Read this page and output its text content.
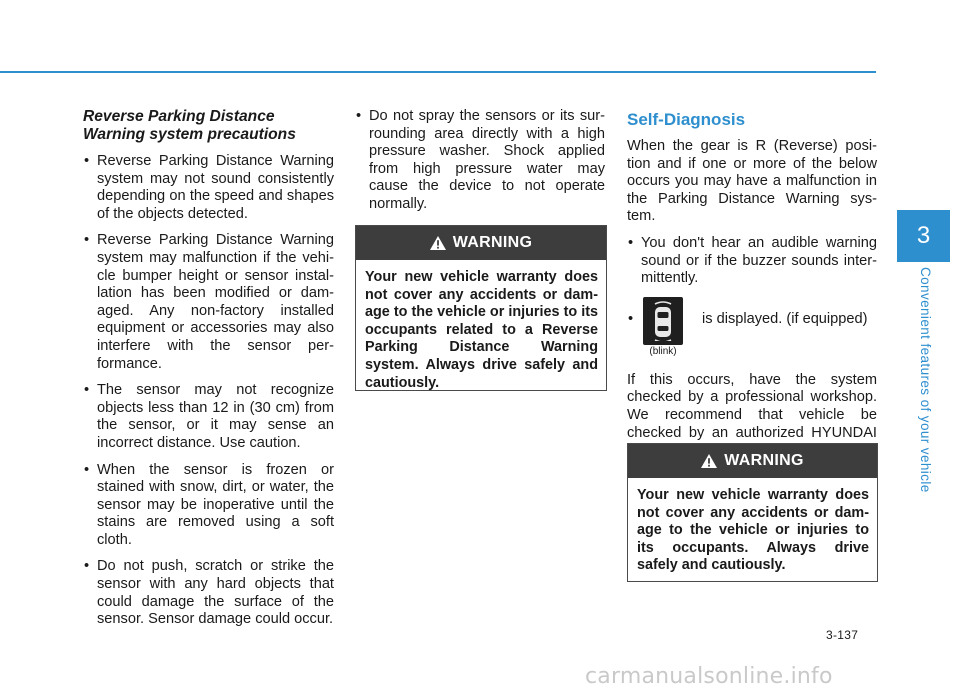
Reverse Parking Distance Warning system precautions
• Reverse Parking Distance Warning system may not sound consistently depending on the speed and shapes of the objects detected.
• Reverse Parking Distance Warning system may malfunction if the vehi-cle bumper height or sensor instal-lation has been modified or dam-aged. Any non-factory installed equipment or accessories may also interfere with the sensor per-formance.
• The sensor may not recognize objects less than 12 in (30 cm) from the sensor, or it may sense an incorrect distance. Use caution.
• When the sensor is frozen or stained with snow, dirt, or water, the sensor may be inoperative until the stains are removed using a soft cloth.
• Do not push, scratch or strike the sensor with any hard objects that could damage the surface of the sensor. Sensor damage could occur.
• Do not spray the sensors or its sur-rounding area directly with a high pressure washer. Shock applied from high pressure water may cause the device to not operate normally.
WARNING
Your new vehicle warranty does not cover any accidents or dam-age to the vehicle or injuries to its occupants related to a Reverse Parking Distance Warning system. Always drive safely and cautiously.
Self-Diagnosis

When the gear is R (Reverse) posi-tion and if one or more of the below occurs you may have a malfunction in the Parking Distance Warning sys-tem.

• You don't hear an audible warning sound or if the buzzer sounds inter-mittently.
•
(blink)
is displayed. (if equipped)

If this occurs, have the system checked by a professional workshop. We recommend that vehicle be checked by an authorized HYUNDAI

WARNING
Your new vehicle warranty does not cover any accidents or dam-age to the vehicle or injuries to its occupants. Always drive safely and cautiously.
3
Convenient features of your vehicle
3-137
carmanualsonline.info
